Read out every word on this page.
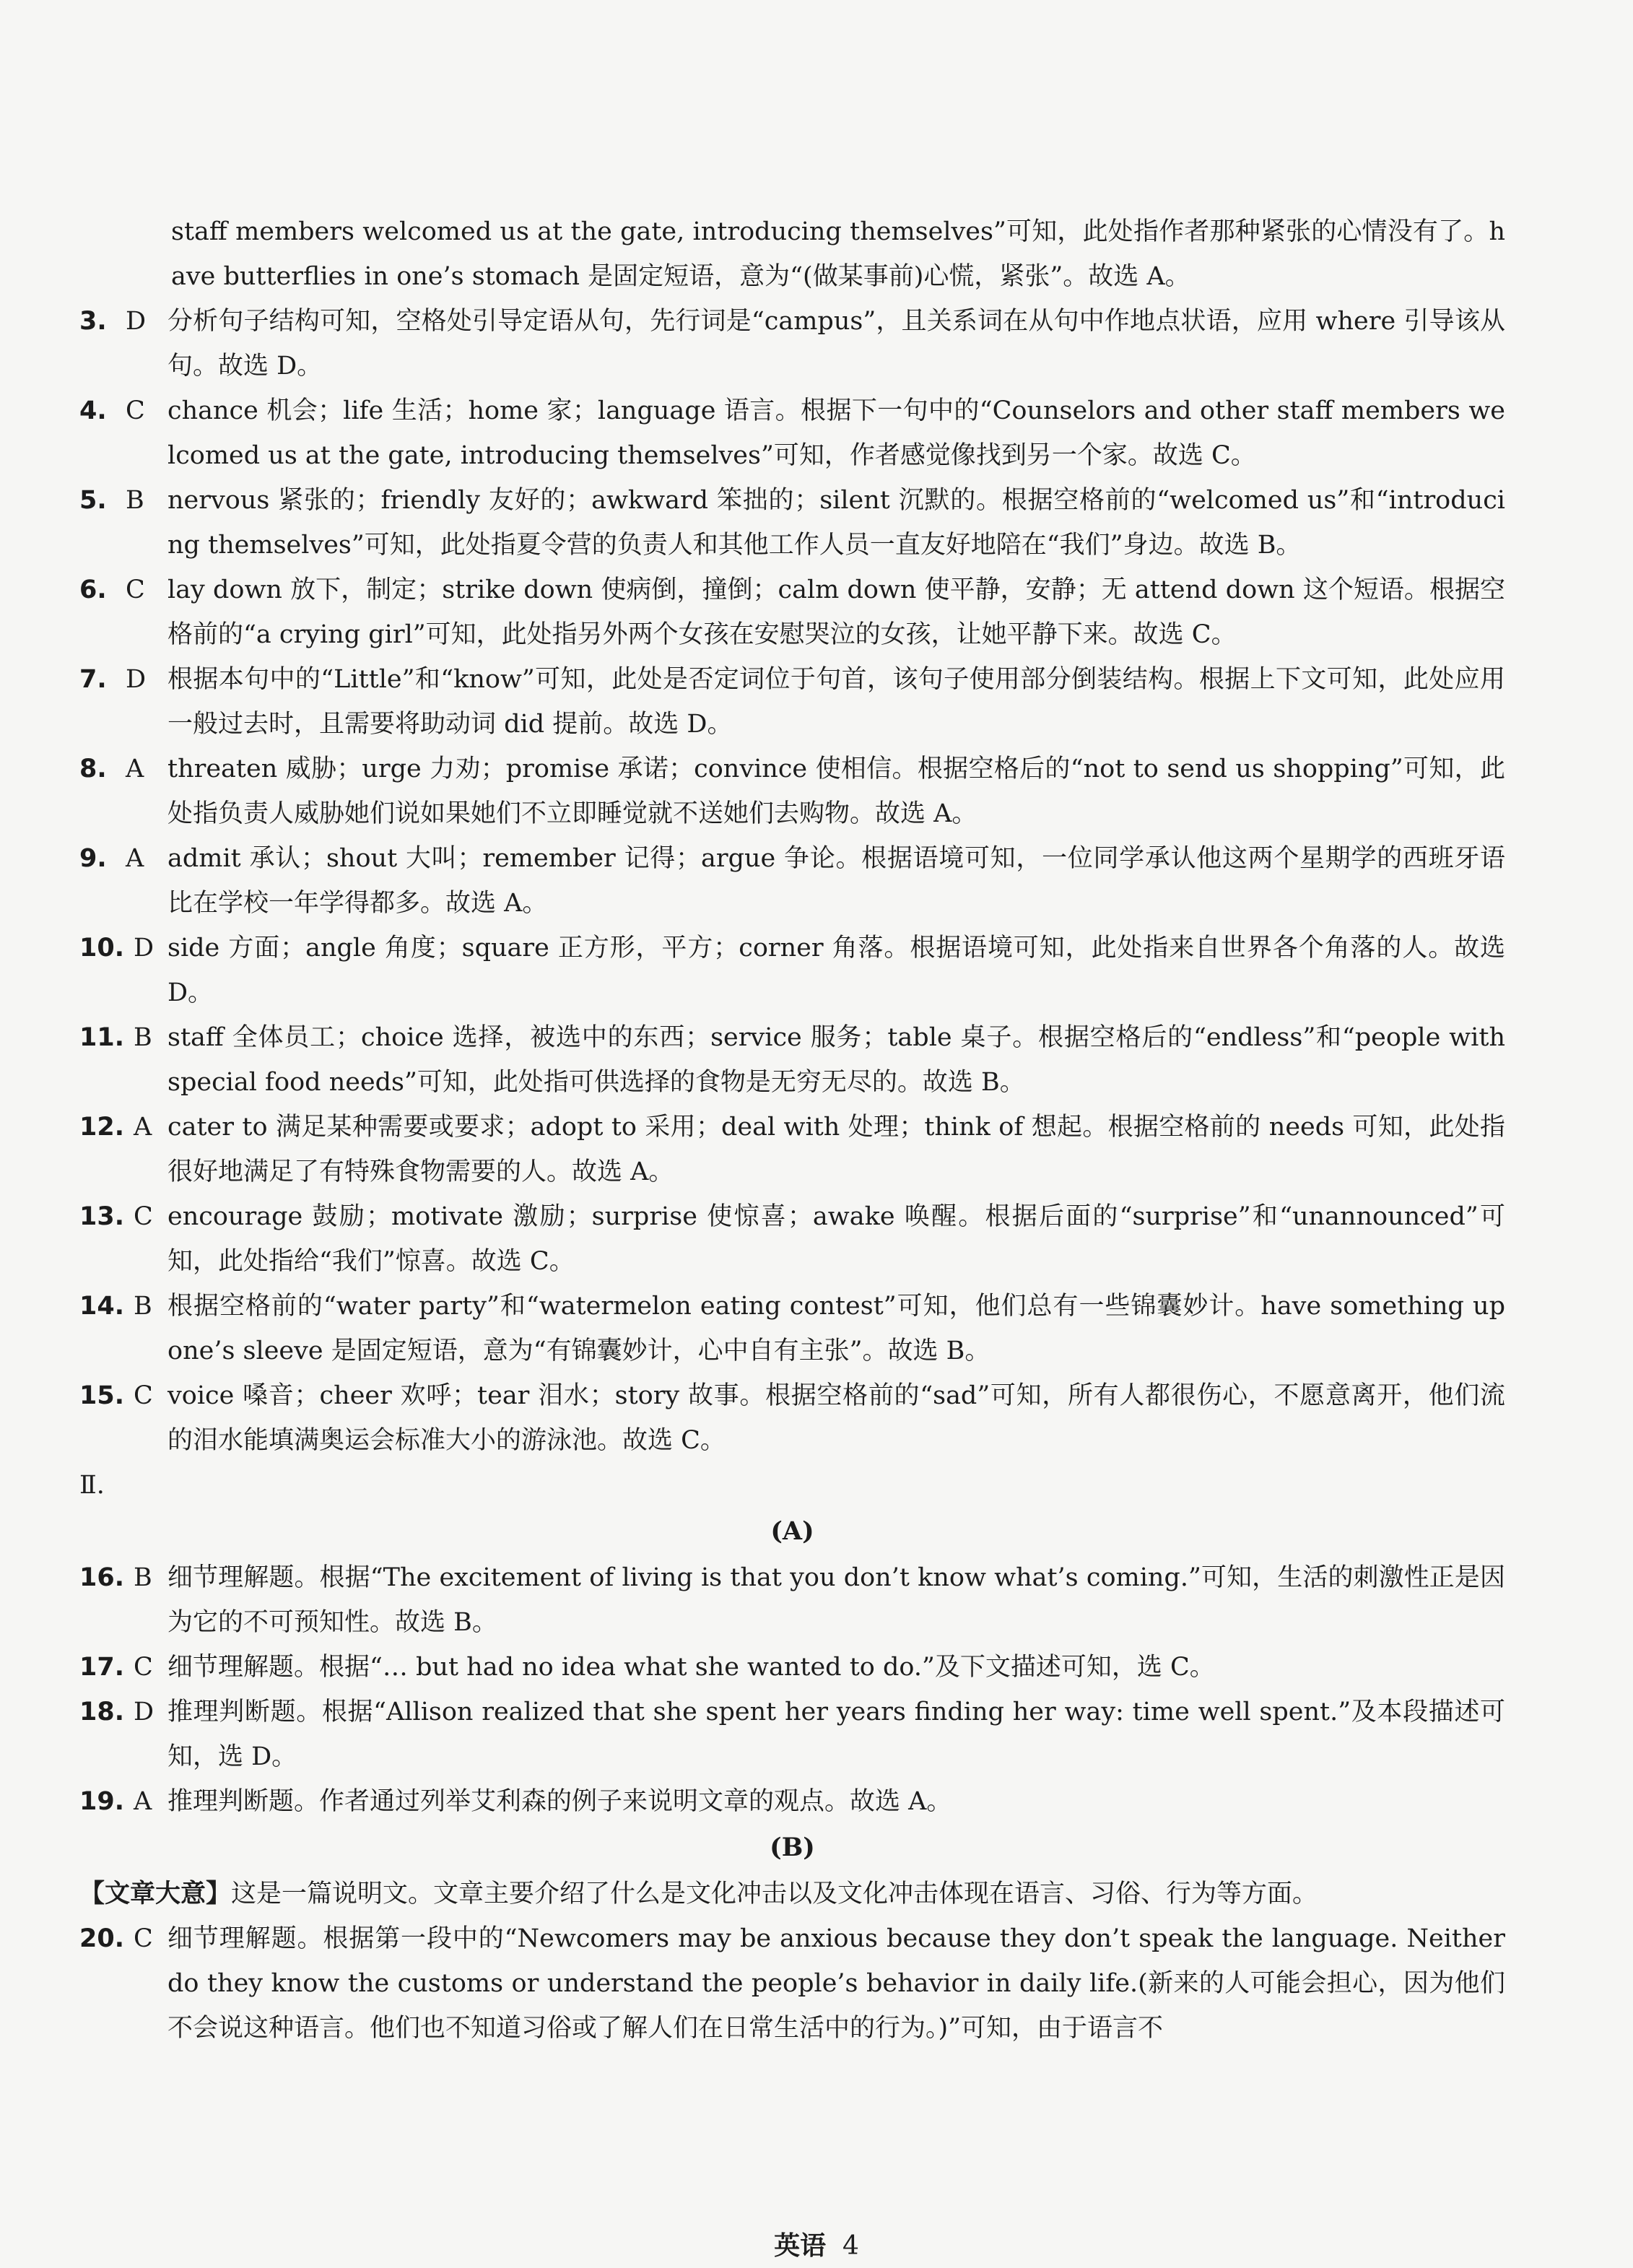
staff members welcomed us at the gate, introducing themselves”可知，此处指作者那种紧张的心情没有了。have butterflies in one’s stomach 是固定短语，意为“(做某事前)心慌，紧张”。故选 A。

3. D 分析句子结构可知，空格处引导定语从句，先行词是“campus”，且关系词在从句中作地点状语，应用 where 引导该从句。故选 D。

4. C chance 机会；life 生活；home 家；language 语言。根据下一句中的“Counselors and other staff members welcomed us at the gate, introducing themselves”可知，作者感觉像找到另一个家。故选 C。

5. B nervous 紧张的；friendly 友好的；awkward 笨拙的；silent 沉默的。根据空格前的“welcomed us”和“introducing themselves”可知，此处指夏令营的负责人和其他工作人员一直友好地陪在“我们”身边。故选 B。

6. C lay down 放下，制定；strike down 使病倒，撞倒；calm down 使平静，安静；无 attend down 这个短语。根据空格前的“a crying girl”可知，此处指另外两个女孩在安慰哭泣的女孩，让她平静下来。故选 C。

7. D 根据本句中的“Little”和“know”可知，此处是否定词位于句首，该句子使用部分倒装结构。根据上下文可知，此处应用一般过去时，且需要将助动词 did 提前。故选 D。

8. A threaten 威胁；urge 力劝；promise 承诺；convince 使相信。根据空格后的“not to send us shopping”可知，此处指负责人威胁她们说如果她们不立即睡觉就不送她们去购物。故选 A。

9. A admit 承认；shout 大叫；remember 记得；argue 争论。根据语境可知，一位同学承认他这两个星期学的西班牙语比在学校一年学得都多。故选 A。

10. D side 方面；angle 角度；square 正方形，平方；corner 角落。根据语境可知，此处指来自世界各个角落的人。故选 D。

11. B staff 全体员工；choice 选择，被选中的东西；service 服务；table 桌子。根据空格后的“endless”和“people with special food needs”可知，此处指可供选择的食物是无穷无尽的。故选 B。

12. A cater to 满足某种需要或要求；adopt to 采用；deal with 处理；think of 想起。根据空格前的 needs 可知，此处指很好地满足了有特殊食物需要的人。故选 A。

13. C encourage 鼓励；motivate 激励；surprise 使惊喜；awake 唤醒。根据后面的“surprise”和“unannounced”可知，此处指给“我们”惊喜。故选 C。

14. B 根据空格前的“water party”和“watermelon eating contest”可知，他们总有一些锦囊妙计。have something up one’s sleeve 是固定短语，意为“有锦囊妙计，心中自有主张”。故选 B。

15. C voice 嗓音；cheer 欢呼；tear 泪水；story 故事。根据空格前的“sad”可知，所有人都很伤心，不愿意离开，他们流的泪水能填满奥运会标准大小的游泳池。故选 C。

Ⅱ.

(A)

16. B 细节理解题。根据“The excitement of living is that you don’t know what’s coming.”可知，生活的刺激性正是因为它的不可预知性。故选 B。

17. C 细节理解题。根据“… but had no idea what she wanted to do.”及下文描述可知，选 C。

18. D 推理判断题。根据“Allison realized that she spent her years finding her way: time well spent.”及本段描述可知，选 D。

19. A 推理判断题。作者通过列举艾利森的例子来说明文章的观点。故选 A。

(B)

【文章大意】这是一篇说明文。文章主要介绍了什么是文化冲击以及文化冲击体现在语言、习俗、行为等方面。

20. C 细节理解题。根据第一段中的“Newcomers may be anxious because they don’t speak the language. Neither do they know the customs or understand the people’s behavior in daily life.(新来的人可能会担心，因为他们不会说这种语言。他们也不知道习俗或了解人们在日常生活中的行为。)”可知，由于语言不

英语 4
